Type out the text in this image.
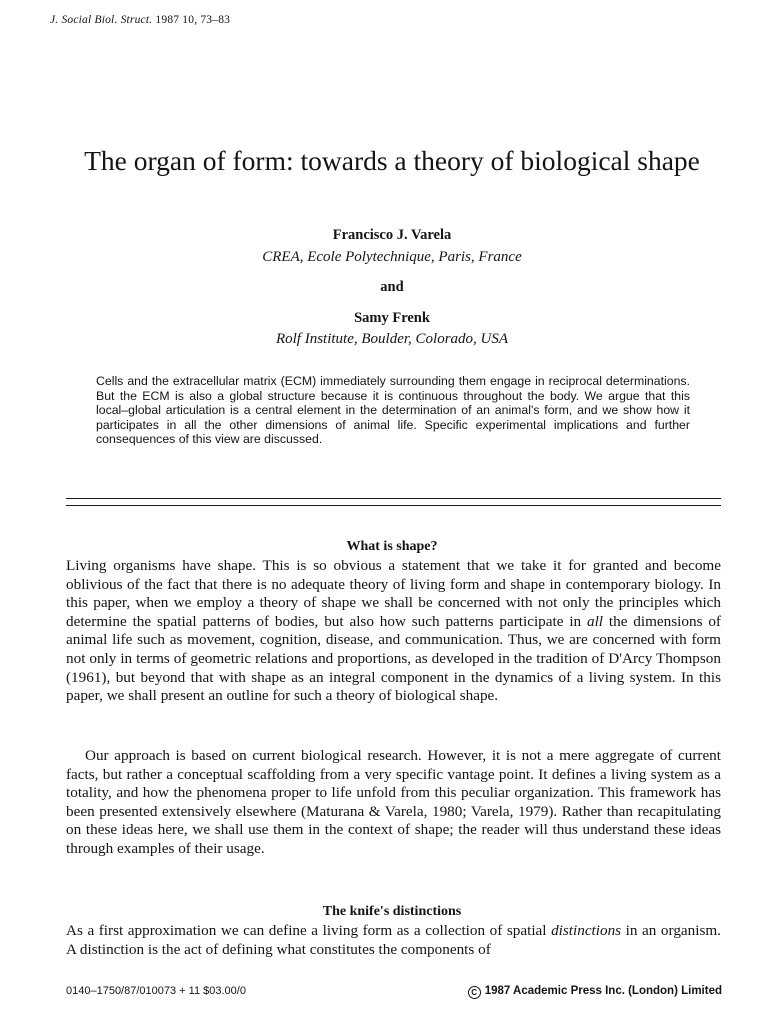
J. Social Biol. Struct. 1987 10, 73–83
The organ of form: towards a theory of biological shape
Francisco J. Varela
CREA, Ecole Polytechnique, Paris, France
and
Samy Frenk
Rolf Institute, Boulder, Colorado, USA

Cells and the extracellular matrix (ECM) immediately surrounding them engage in reciprocal determinations. But the ECM is also a global structure because it is continuous throughout the body. We argue that this local–global articulation is a central element in the determination of an animal's form, and we show how it participates in all the other dimensions of animal life. Specific experimental implications and further consequences of this view are discussed.

What is shape?

Living organisms have shape. This is so obvious a statement that we take it for granted and become oblivious of the fact that there is no adequate theory of living form and shape in contemporary biology. In this paper, when we employ a theory of shape we shall be concerned with not only the principles which determine the spatial patterns of bodies, but also how such patterns participate in all the dimensions of animal life such as movement, cognition, disease, and communication. Thus, we are concerned with form not only in terms of geometric relations and proportions, as developed in the tradition of D'Arcy Thompson (1961), but beyond that with shape as an integral component in the dynamics of a living system. In this paper, we shall present an outline for such a theory of biological shape.

Our approach is based on current biological research. However, it is not a mere aggregate of current facts, but rather a conceptual scaffolding from a very specific vantage point. It defines a living system as a totality, and how the phenomena proper to life unfold from this peculiar organization. This framework has been presented extensively elsewhere (Maturana & Varela, 1980; Varela, 1979). Rather than recapitulating on these ideas here, we shall use them in the context of shape; the reader will thus understand these ideas through examples of their usage.

The knife's distinctions

As a first approximation we can define a living form as a collection of spatial distinctions in an organism. A distinction is the act of defining what constitutes the components of

0140–1750/87/010073 + 11 $03.00/0	C 1987 Academic Press Inc. (London) Limited
